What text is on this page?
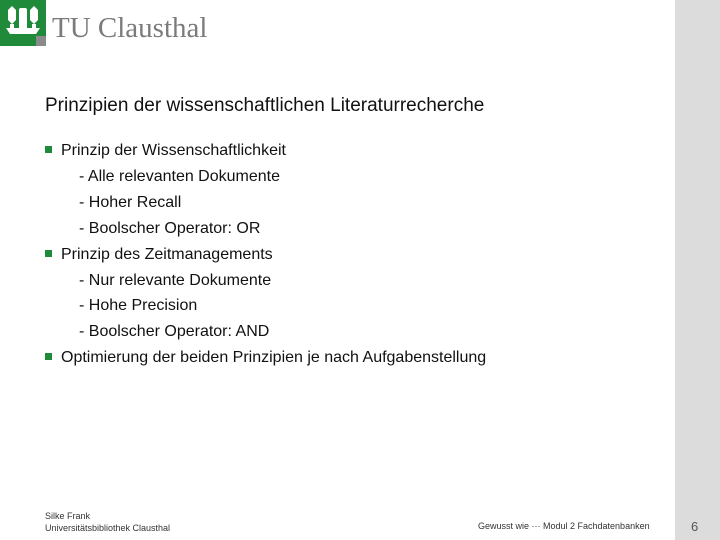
TU Clausthal
Prinzipien der wissenschaftlichen Literaturrecherche
Prinzip der Wissenschaftlichkeit
- Alle relevanten Dokumente
- Hoher Recall
- Boolscher Operator: OR
Prinzip des Zeitmanagements
- Nur relevante Dokumente
- Hohe Precision
- Boolscher Operator: AND
Optimierung der beiden Prinzipien je nach Aufgabenstellung
Silke Frank
Universitätsbibliothek Clausthal	Gewusst wie ··· Modul 2 Fachdatenbanken	6
